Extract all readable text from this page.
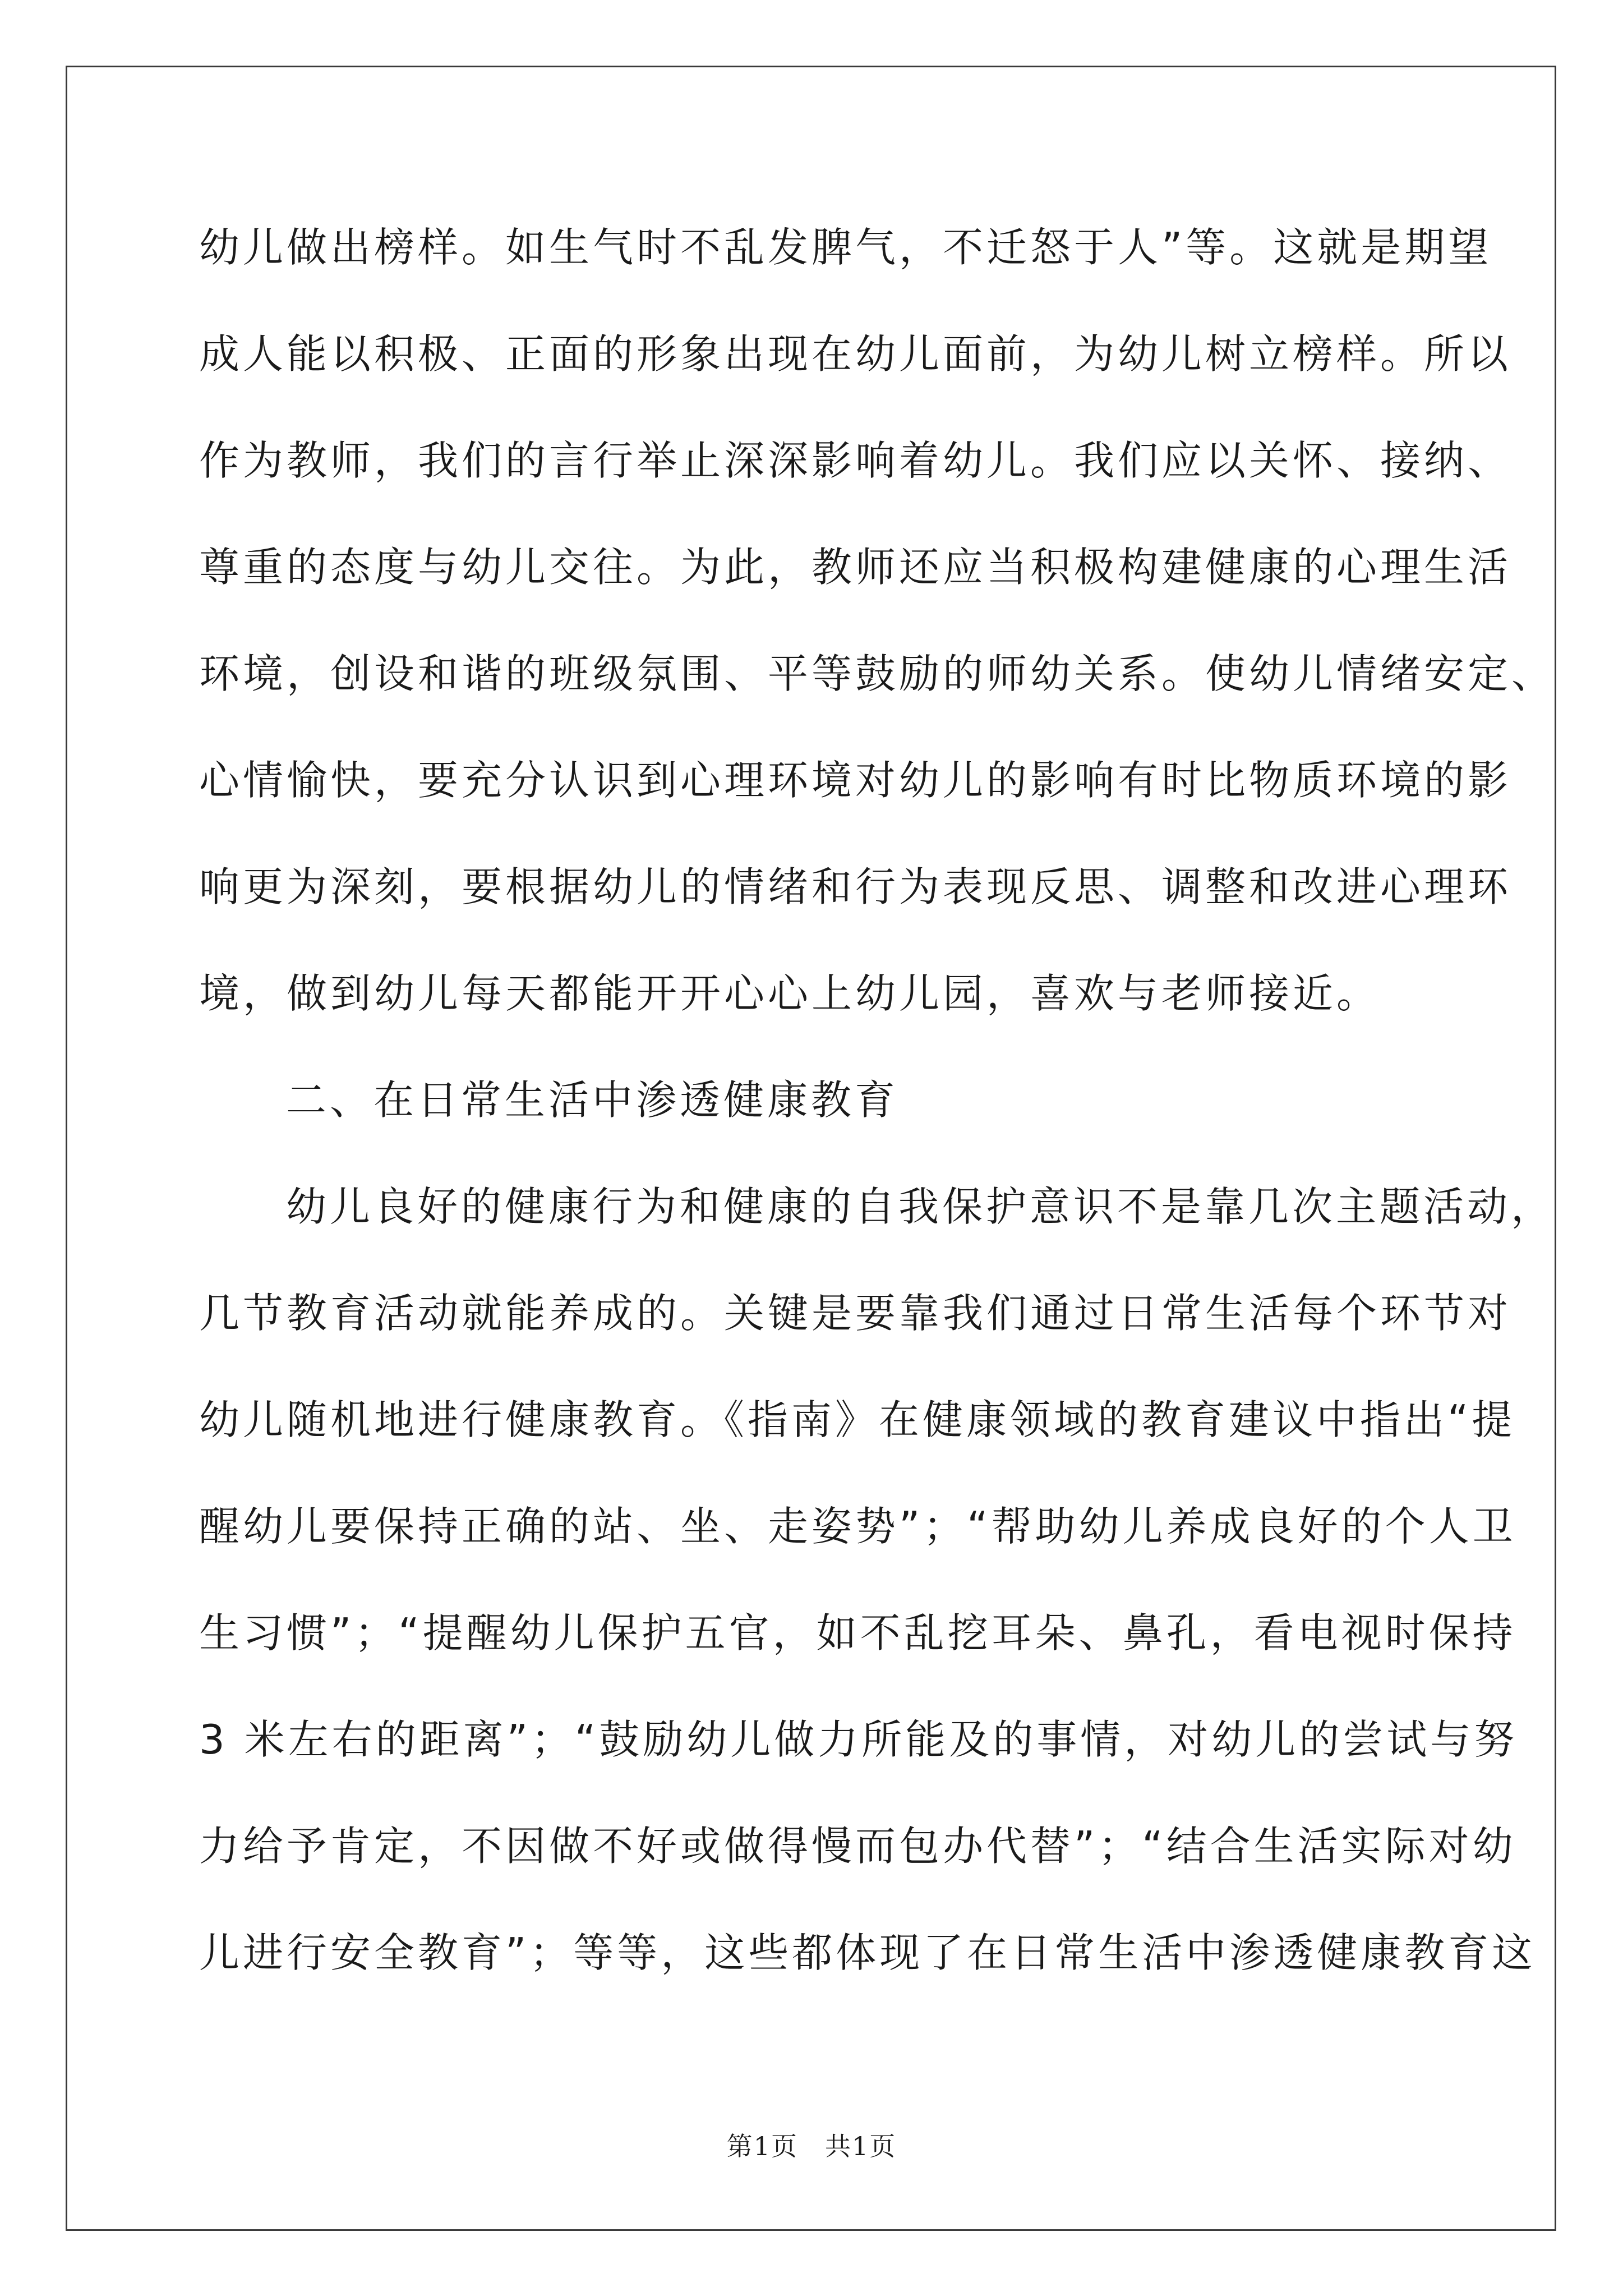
幼儿做出榜样。如生气时不乱发脾气，不迁怒于人”等。这就是期望
成人能以积极、正面的形象出现在幼儿面前，为幼儿树立榜样。所以
作为教师，我们的言行举止深深影响着幼儿。我们应以关怀、接纳、
尊重的态度与幼儿交往。为此，教师还应当积极构建健康的心理生活
环境，创设和谐的班级氛围、平等鼓励的师幼关系。使幼儿情绪安定、
心情愉快，要充分认识到心理环境对幼儿的影响有时比物质环境的影
响更为深刻，要根据幼儿的情绪和行为表现反思、调整和改进心理环
境，做到幼儿每天都能开开心心上幼儿园，喜欢与老师接近。
二、在日常生活中渗透健康教育
幼儿良好的健康行为和健康的自我保护意识不是靠几次主题活动，
几节教育活动就能养成的。关键是要靠我们通过日常生活每个环节对
幼儿随机地进行健康教育。《指南》在健康领域的教育建议中指出“提
醒幼儿要保持正确的站、坐、走姿势”；“帮助幼儿养成良好的个人卫
生习惯”；“提醒幼儿保护五官，如不乱挖耳朵、鼻孔，看电视时保持
3 米左右的距离”；“鼓励幼儿做力所能及的事情，对幼儿的尝试与努
力给予肯定，不因做不好或做得慢而包办代替”；“结合生活实际对幼
儿进行安全教育”；等等，这些都体现了在日常生活中渗透健康教育这
第1页　共1页
